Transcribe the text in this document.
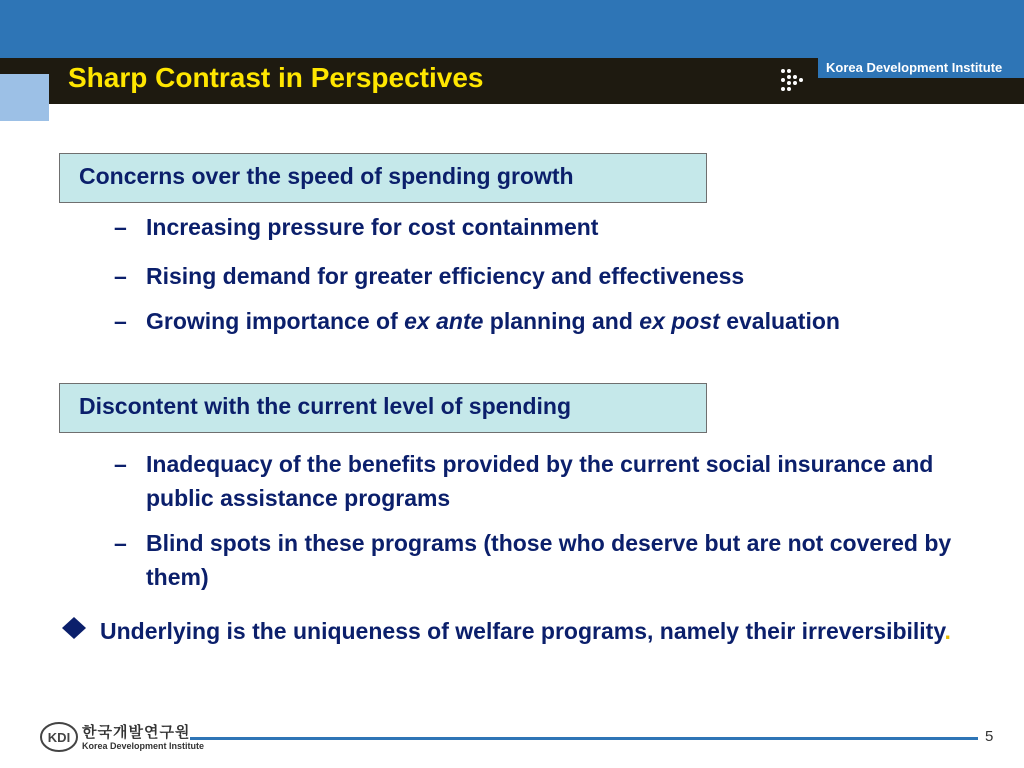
Sharp Contrast in Perspectives	Korea Development Institute
Concerns over the speed of spending growth
– Increasing pressure for cost containment
– Rising demand for greater efficiency and effectiveness
– Growing importance of ex ante planning and ex post evaluation
Discontent with the current level of spending
– Inadequacy of the benefits provided by the current social insurance and public assistance programs
– Blind spots in these programs (those who deserve but are not covered by them)
Underlying is the uniqueness of welfare programs, namely their irreversibility.
KDI 한국개발연구원
Korea Development Institute
5
